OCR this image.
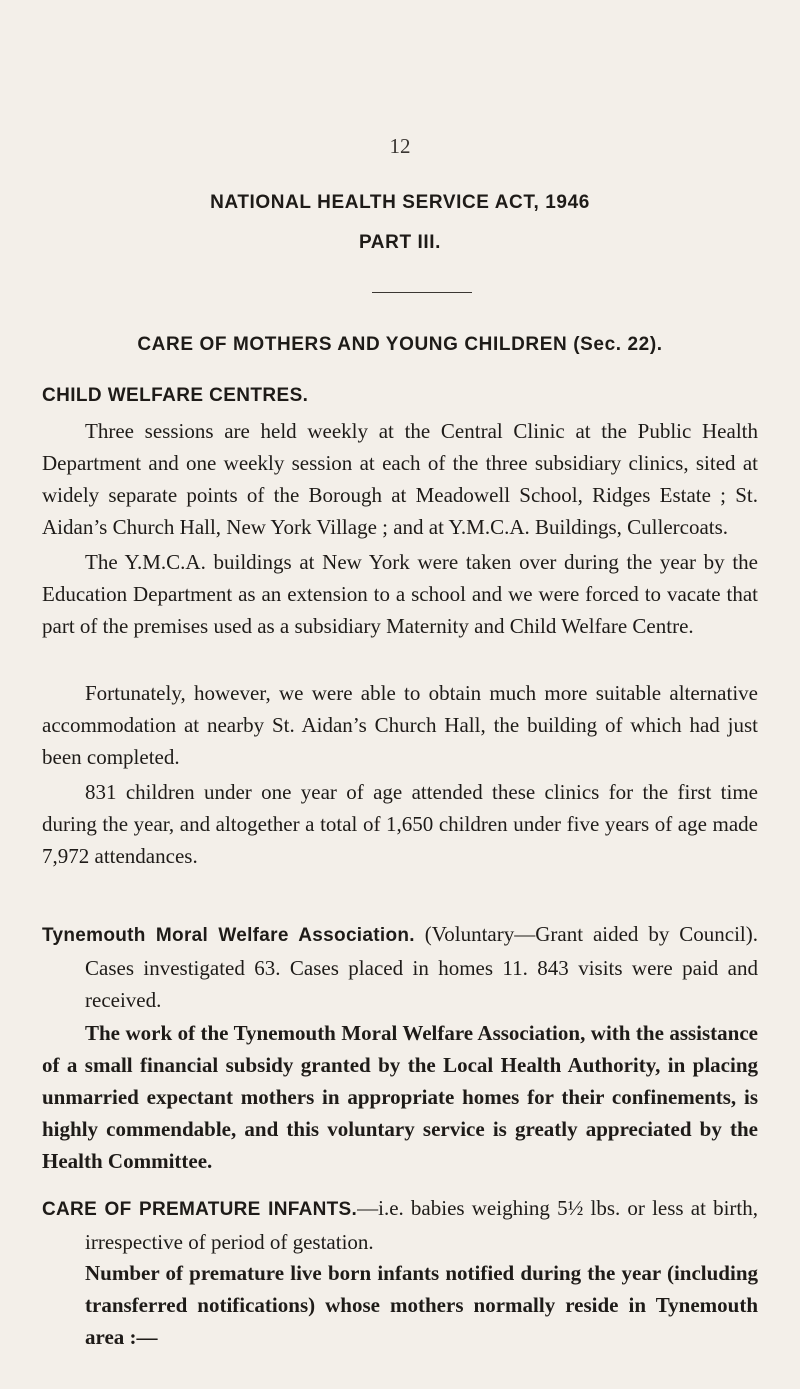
12
NATIONAL HEALTH SERVICE ACT, 1946
PART III.
CARE OF MOTHERS AND YOUNG CHILDREN (Sec. 22).
CHILD WELFARE CENTRES.

Three sessions are held weekly at the Central Clinic at the Public Health Department and one weekly session at each of the three subsidiary clinics, sited at widely separate points of the Borough at Meadowell School, Ridges Estate ; St. Aidan’s Church Hall, New York Village ; and at Y.M.C.A. Buildings, Cullercoats.

The Y.M.C.A. buildings at New York were taken over during the year by the Education Department as an extension to a school and we were forced to vacate that part of the premises used as a subsidiary Maternity and Child Welfare Centre.

Fortunately, however, we were able to obtain much more suitable alternative accommodation at nearby St. Aidan’s Church Hall, the building of which had just been completed.

831 children under one year of age attended these clinics for the first time during the year, and altogether a total of 1,650 children under five years of age made 7,972 attendances.

Tynemouth Moral Welfare Association. (Voluntary—Grant aided by Council). Cases investigated 63. Cases placed in homes 11. 843 visits were paid and received.

The work of the Tynemouth Moral Welfare Association, with the assistance of a small financial subsidy granted by the Local Health Authority, in placing unmarried expectant mothers in appropriate homes for their confinements, is highly commendable, and this voluntary service is greatly appreciated by the Health Committee.

CARE OF PREMATURE INFANTS.—i.e. babies weighing 5½ lbs. or less at birth, irrespective of period of gestation.

Number of premature live born infants notified during the year (including transferred notifications) whose mothers normally reside in Tynemouth area :—
